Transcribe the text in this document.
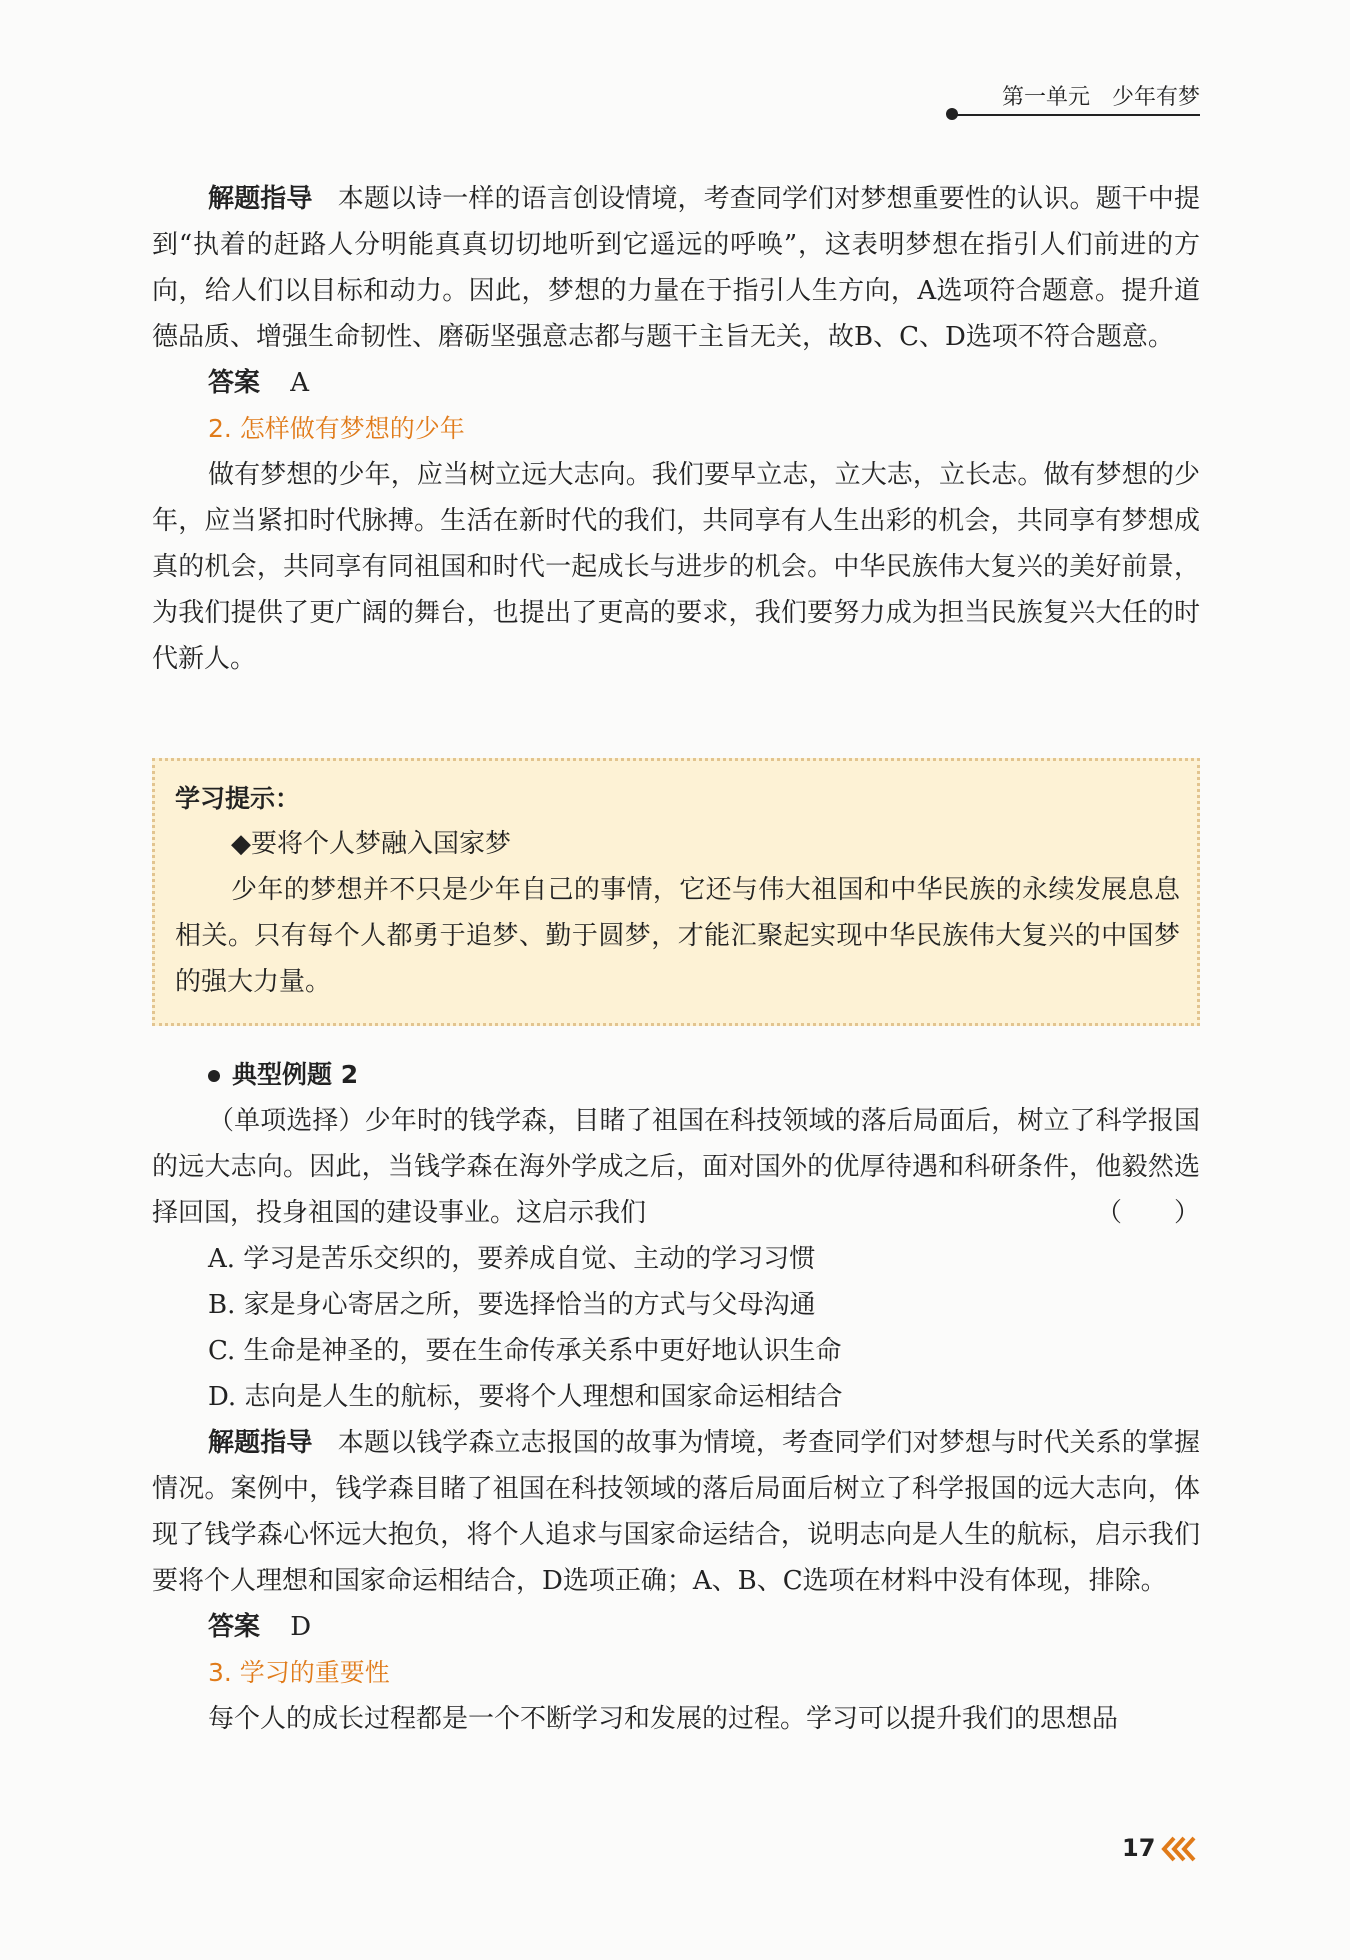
第一单元　少年有梦

解题指导 本题以诗一样的语言创设情境，考查同学们对梦想重要性的认识。题干中提到“执着的赶路人分明能真真切切地听到它遥远的呼唤”，这表明梦想在指引人们前进的方向，给人们以目标和动力。因此，梦想的力量在于指引人生方向，A选项符合题意。提升道德品质、增强生命韧性、磨砺坚强意志都与题干主旨无关，故B、C、D选项不符合题意。

答案 A
2. 怎样做有梦想的少年

做有梦想的少年，应当树立远大志向。我们要早立志，立大志，立长志。做有梦想的少年，应当紧扣时代脉搏。生活在新时代的我们，共同享有人生出彩的机会，共同享有梦想成真的机会，共同享有同祖国和时代一起成长与进步的机会。中华民族伟大复兴的美好前景，为我们提供了更广阔的舞台，也提出了更高的要求，我们要努力成为担当民族复兴大任的时代新人。

学习提示：

◆要将个人梦融入国家梦

少年的梦想并不只是少年自己的事情，它还与伟大祖国和中华民族的永续发展息息相关。只有每个人都勇于追梦、勤于圆梦，才能汇聚起实现中华民族伟大复兴的中国梦的强大力量。

典型例题 2

（单项选择）少年时的钱学森，目睹了祖国在科技领域的落后局面后，树立了科学报国的远大志向。因此，当钱学森在海外学成之后，面对国外的优厚待遇和科研条件，他毅然选择回国，投身祖国的建设事业。这启示我们	（　　）

A. 学习是苦乐交织的，要养成自觉、主动的学习习惯
B. 家是身心寄居之所，要选择恰当的方式与父母沟通
C. 生命是神圣的，要在生命传承关系中更好地认识生命
D. 志向是人生的航标，要将个人理想和国家命运相结合

解题指导 本题以钱学森立志报国的故事为情境，考查同学们对梦想与时代关系的掌握情况。案例中，钱学森目睹了祖国在科技领域的落后局面后树立了科学报国的远大志向，体现了钱学森心怀远大抱负，将个人追求与国家命运结合，说明志向是人生的航标，启示我们要将个人理想和国家命运相结合，D选项正确；A、B、C选项在材料中没有体现，排除。

答案 D
3. 学习的重要性

每个人的成长过程都是一个不断学习和发展的过程。学习可以提升我们的思想品

17
